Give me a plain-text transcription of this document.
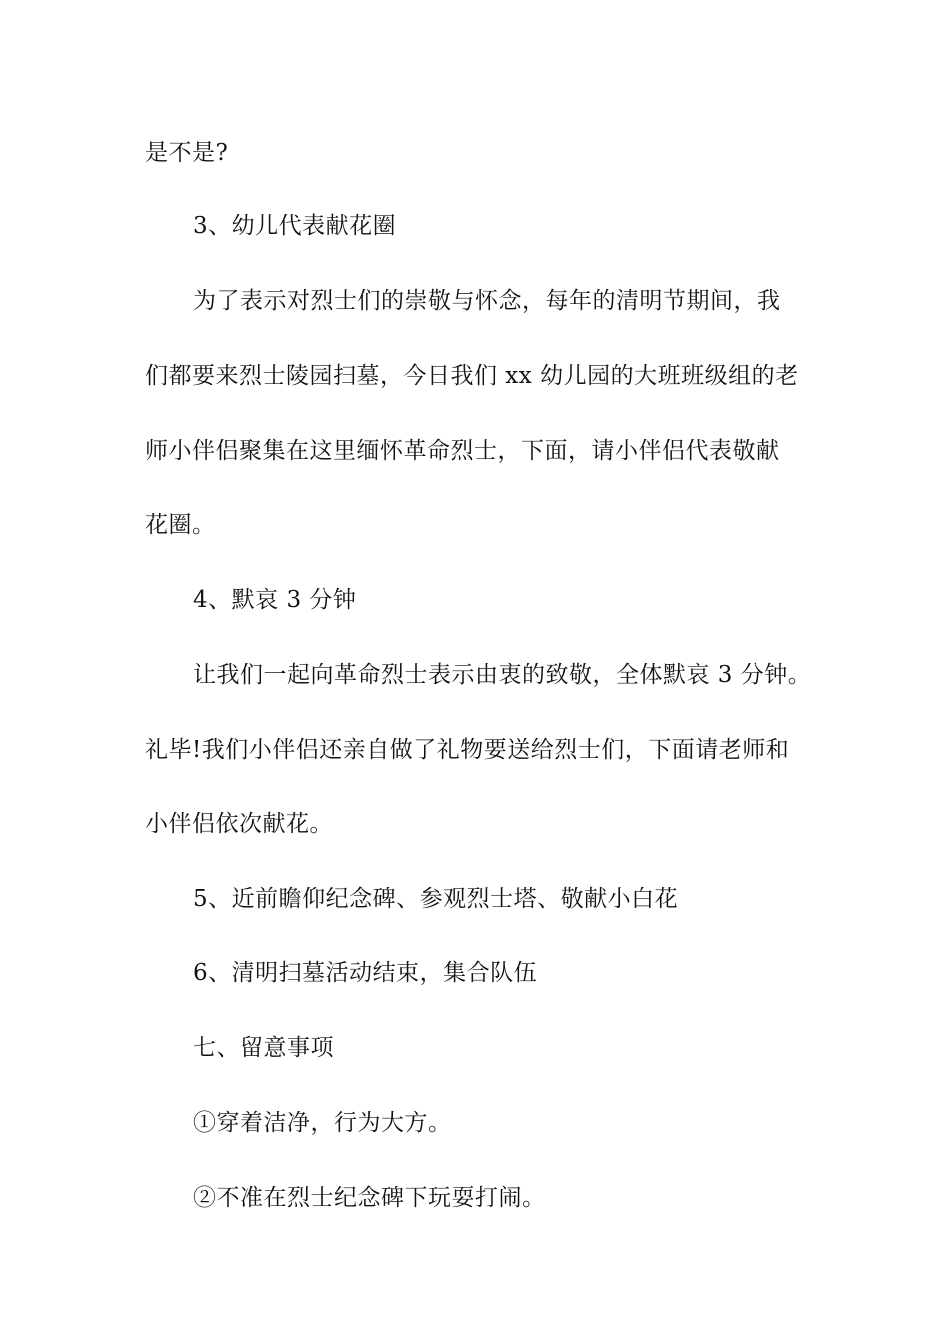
是不是?
3、幼儿代表献花圈
为了表示对烈士们的崇敬与怀念，每年的清明节期间，我
们都要来烈士陵园扫墓，今日我们 xx 幼儿园的大班班级组的老
师小伴侣聚集在这里缅怀革命烈士，下面，请小伴侣代表敬献
花圈。
4、默哀 3 分钟
让我们一起向革命烈士表示由衷的致敬，全体默哀 3 分钟。
礼毕!我们小伴侣还亲自做了礼物要送给烈士们，下面请老师和
小伴侣依次献花。
5、近前瞻仰纪念碑、参观烈士塔、敬献小白花
6、清明扫墓活动结束，集合队伍
七、留意事项
①穿着洁净，行为大方。
②不准在烈士纪念碑下玩耍打闹。
